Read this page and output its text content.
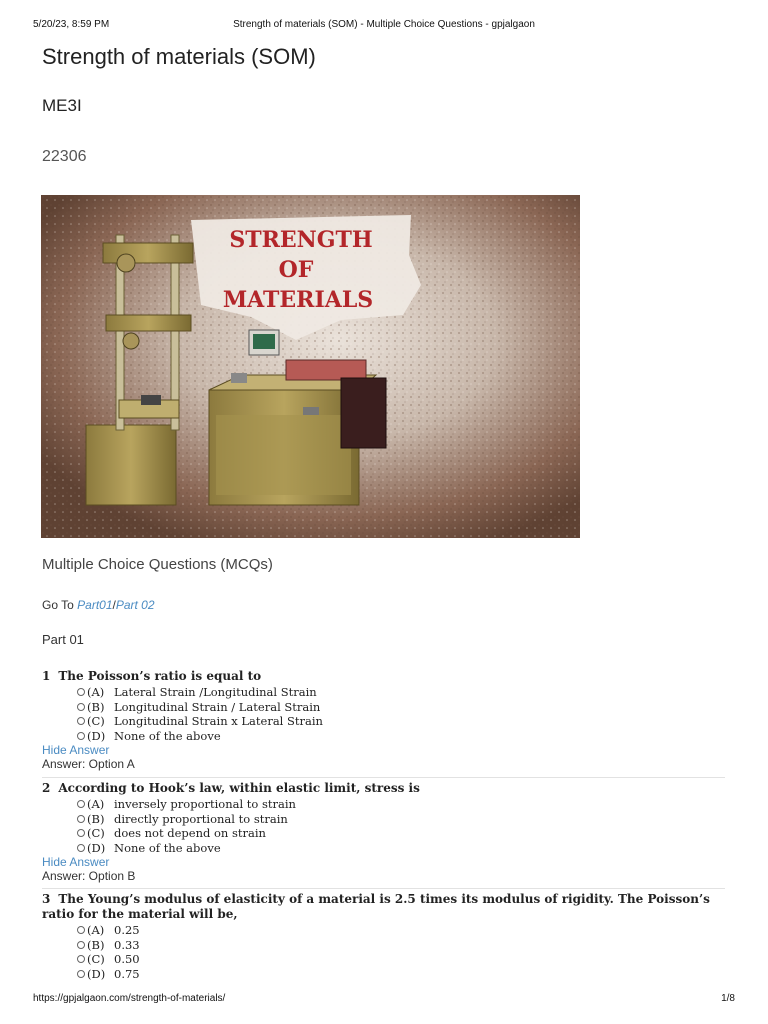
5/20/23, 8:59 PM	Strength of materials (SOM) - Multiple Choice Questions - gpjalgaon
Strength of materials (SOM)
ME3I
22306
STRENGTH
OF
MATERIALS
Multiple Choice Questions (MCQs)
Go To Part01/Part 02
Part 01
1 The Poisson’s ratio is equal to
(A) Lateral Strain /Longitudinal Strain
(B) Longitudinal Strain / Lateral Strain
(C) Longitudinal Strain x Lateral Strain
(D) None of the above
Hide Answer
Answer: Option A
2 According to Hook’s law, within elastic limit, stress is
(A) inversely proportional to strain
(B) directly proportional to strain
(C) does not depend on strain
(D) None of the above
Hide Answer
Answer: Option B
3 The Young’s modulus of elasticity of a material is 2.5 times its modulus of rigidity. The Poisson’s ratio for the material will be,
(A) 0.25
(B) 0.33
(C) 0.50
(D) 0.75
https://gpjalgaon.com/strength-of-materials/	1/8
